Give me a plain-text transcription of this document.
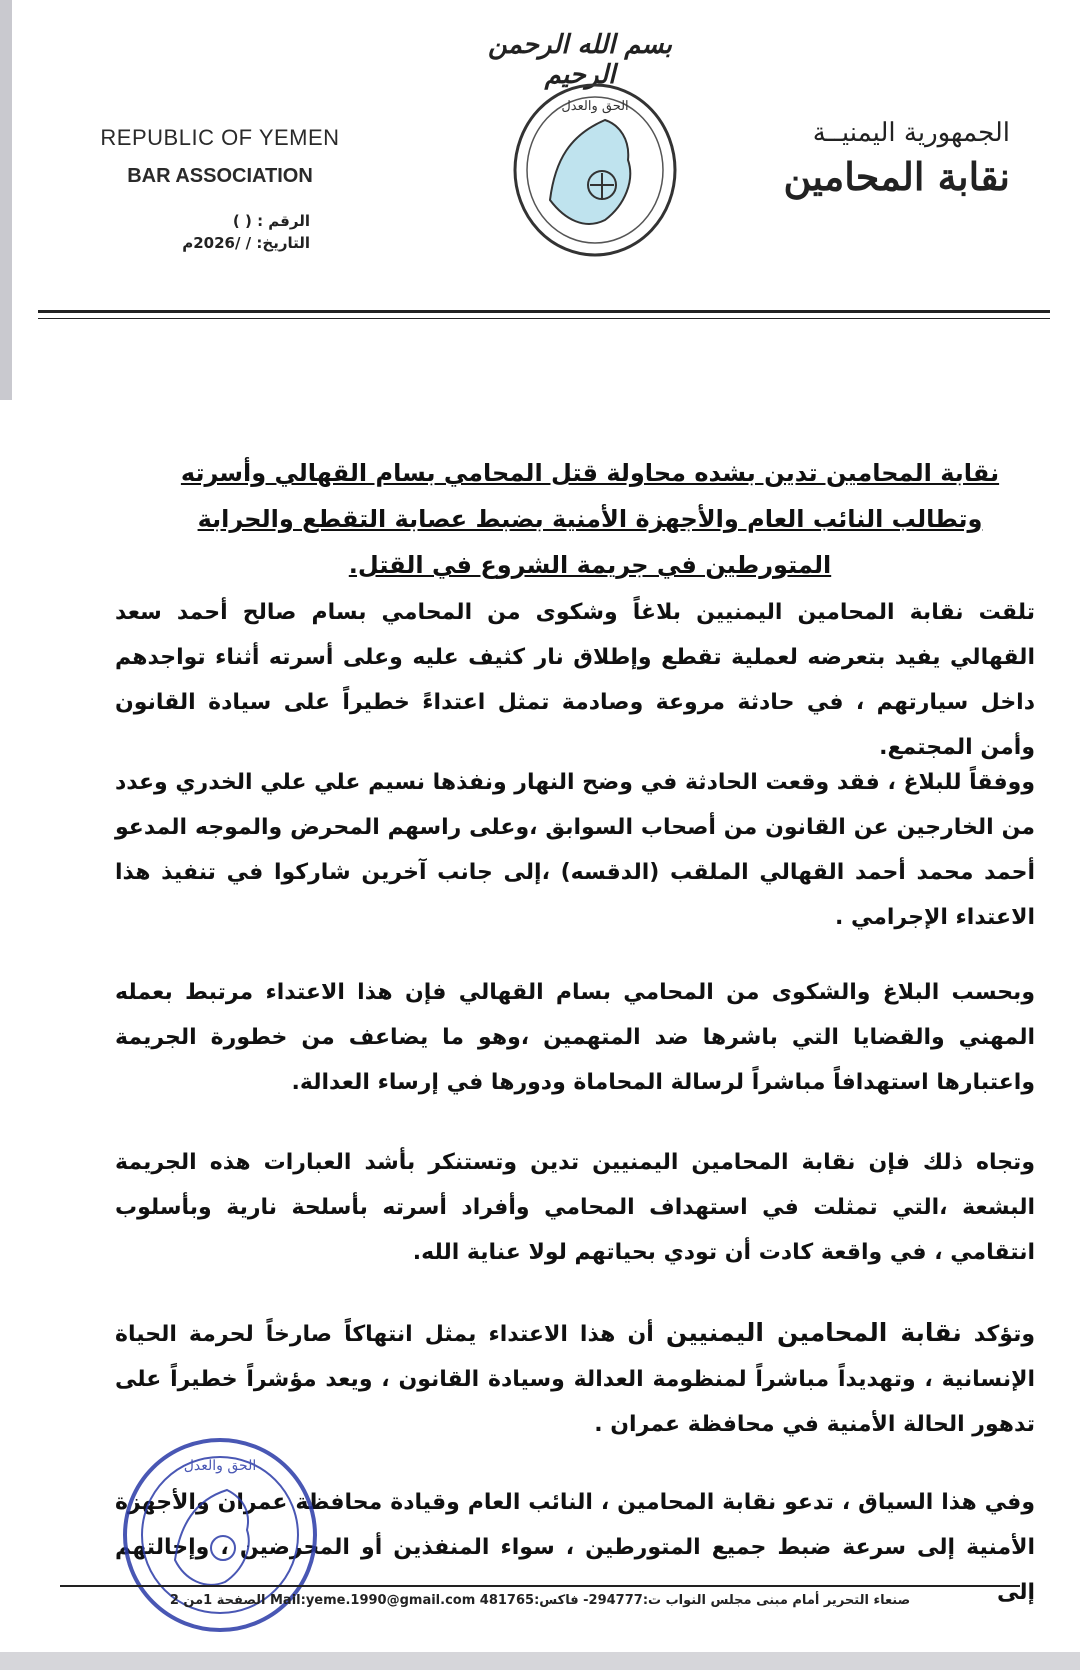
بسم الله الرحمن الرحيم
REPUBLIC OF YEMEN
BAR ASSOCIATION
الرقم : ( )
التاريخ: / /2026م
الحق والعدل
الجمهورية اليمنيــة
نقابة المحامين
نقابة المحامين تدين بشده محاولة قتل المحامي بسام القهالي وأسرته وتطالب النائب العام والأجهزة الأمنية بضبط عصابة التقطع والحرابة المتورطين في جريمة الشروع في القتل.
تلقت نقابة المحامين اليمنيين بلاغاً وشكوى من المحامي بسام صالح أحمد سعد القهالي يفيد بتعرضه لعملية تقطع وإطلاق نار كثيف عليه وعلى أسرته أثناء تواجدهم داخل سيارتهم ، في حادثة مروعة وصادمة تمثل اعتداءً خطيراً على سيادة القانون وأمن المجتمع.
ووفقاً للبلاغ ، فقد وقعت الحادثة في وضح النهار ونفذها نسيم علي علي الخدري وعدد من الخارجين عن القانون من أصحاب السوابق ،وعلى راسهم المحرض والموجه المدعو أحمد محمد أحمد القهالي الملقب (الدقسه) ،إلى جانب آخرين شاركوا في تنفيذ هذا الاعتداء الإجرامي .
وبحسب البلاغ والشكوى من المحامي بسام القهالي فإن هذا الاعتداء مرتبط بعمله المهني والقضايا التي باشرها ضد المتهمين ،وهو ما يضاعف من خطورة الجريمة واعتبارها استهدافاً مباشراً لرسالة المحاماة ودورها في إرساء العدالة.
وتجاه ذلك فإن نقابة المحامين اليمنيين تدين وتستنكر بأشد العبارات هذه الجريمة البشعة ،التي تمثلت في استهداف المحامي وأفراد أسرته بأسلحة نارية وبأسلوب انتقامي ، في واقعة كادت أن تودي بحياتهم لولا عناية الله.
وتؤكد نقابة المحامين اليمنيين أن هذا الاعتداء يمثل انتهاكاً صارخاً لحرمة الحياة الإنسانية ، وتهديداً مباشراً لمنظومة العدالة وسيادة القانون ، ويعد مؤشراً خطيراً على تدهور الحالة الأمنية في محافظة عمران .
وفي هذا السياق ، تدعو نقابة المحامين ، النائب العام وقيادة محافظة عمران والأجهزة الأمنية إلى سرعة ضبط جميع المتورطين ، سواء المنفذين أو المحرضين ، وإحالتهم إلى
الحق والعدل
صنعاء التحرير أمام مبنى مجلس النواب ت:294777- فاكس:481765 Mail:yeme.1990@gmail.com الصفحة 1من 2
